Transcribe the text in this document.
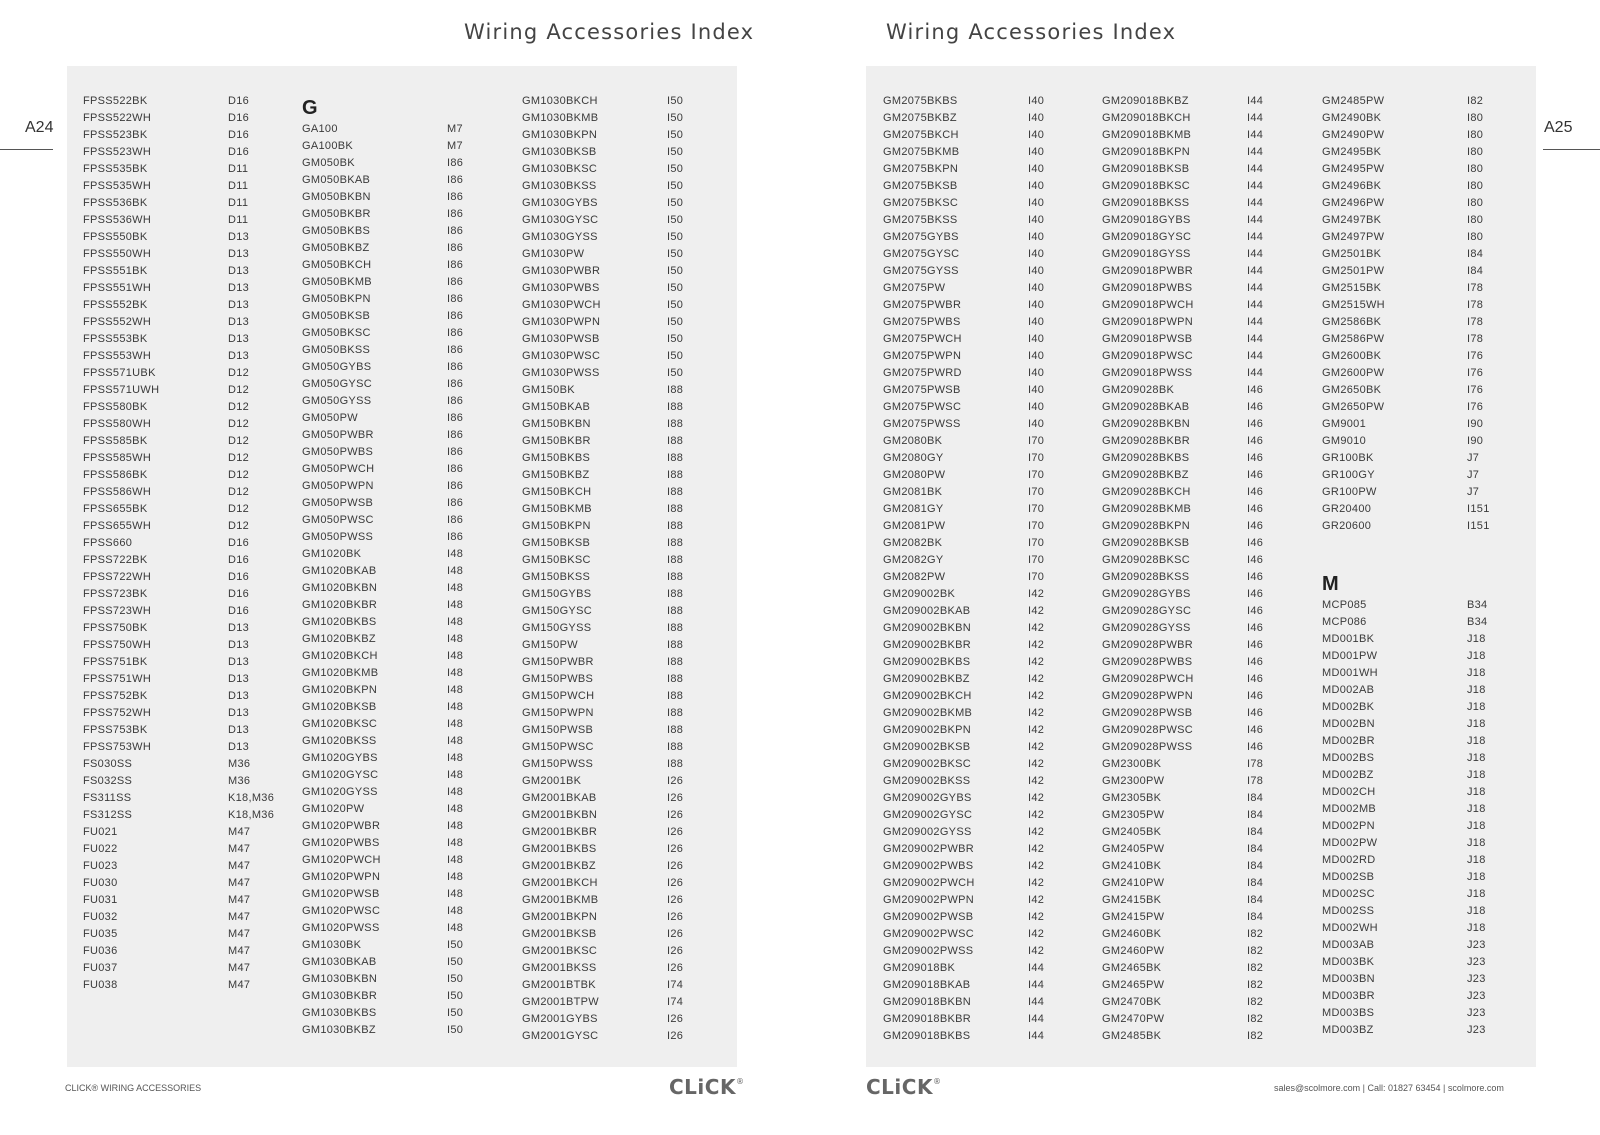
Wiring Accessories Index	Wiring Accessories Index
A24	A25
FPSS522BK	D16
FPSS522WH	D16
FPSS523BK	D16
FPSS523WH	D16
FPSS535BK	D11
FPSS535WH	D11
FPSS536BK	D11
FPSS536WH	D11
FPSS550BK	D13
FPSS550WH	D13
FPSS551BK	D13
FPSS551WH	D13
FPSS552BK	D13
FPSS552WH	D13
FPSS553BK	D13
FPSS553WH	D13
FPSS571UBK	D12
FPSS571UWH	D12
FPSS580BK	D12
FPSS580WH	D12
FPSS585BK	D12
FPSS585WH	D12
FPSS586BK	D12
FPSS586WH	D12
FPSS655BK	D12
FPSS655WH	D12
FPSS660	D16
FPSS722BK	D16
FPSS722WH	D16
FPSS723BK	D16
FPSS723WH	D16
FPSS750BK	D13
FPSS750WH	D13
FPSS751BK	D13
FPSS751WH	D13
FPSS752BK	D13
FPSS752WH	D13
FPSS753BK	D13
FPSS753WH	D13
FS030SS	M36
FS032SS	M36
FS311SS	K18,M36
FS312SS	K18,M36
FU021	M47
FU022	M47
FU023	M47
FU030	M47
FU031	M47
FU032	M47
FU035	M47
FU036	M47
FU037	M47
FU038	M47
G
GA100	M7
GA100BK	M7
GM050BK	I86
GM050BKAB	I86
GM050BKBN	I86
GM050BKBR	I86
GM050BKBS	I86
GM050BKBZ	I86
GM050BKCH	I86
GM050BKMB	I86
GM050BKPN	I86
GM050BKSB	I86
GM050BKSC	I86
GM050BKSS	I86
GM050GYBS	I86
GM050GYSC	I86
GM050GYSS	I86
GM050PW	I86
GM050PWBR	I86
GM050PWBS	I86
GM050PWCH	I86
GM050PWPN	I86
GM050PWSB	I86
GM050PWSC	I86
GM050PWSS	I86
GM1020BK	I48
GM1020BKAB	I48
GM1020BKBN	I48
GM1020BKBR	I48
GM1020BKBS	I48
GM1020BKBZ	I48
GM1020BKCH	I48
GM1020BKMB	I48
GM1020BKPN	I48
GM1020BKSB	I48
GM1020BKSC	I48
GM1020BKSS	I48
GM1020GYBS	I48
GM1020GYSC	I48
GM1020GYSS	I48
GM1020PW	I48
GM1020PWBR	I48
GM1020PWBS	I48
GM1020PWCH	I48
GM1020PWPN	I48
GM1020PWSB	I48
GM1020PWSC	I48
GM1020PWSS	I48
GM1030BK	I50
GM1030BKAB	I50
GM1030BKBN	I50
GM1030BKBR	I50
GM1030BKBS	I50
GM1030BKBZ	I50
GM1030BKCH	I50
GM1030BKMB	I50
GM1030BKPN	I50
GM1030BKSB	I50
GM1030BKSC	I50
GM1030BKSS	I50
GM1030GYBS	I50
GM1030GYSC	I50
GM1030GYSS	I50
GM1030PW	I50
GM1030PWBR	I50
GM1030PWBS	I50
GM1030PWCH	I50
GM1030PWPN	I50
GM1030PWSB	I50
GM1030PWSC	I50
GM1030PWSS	I50
GM150BK	I88
GM150BKAB	I88
GM150BKBN	I88
GM150BKBR	I88
GM150BKBS	I88
GM150BKBZ	I88
GM150BKCH	I88
GM150BKMB	I88
GM150BKPN	I88
GM150BKSB	I88
GM150BKSC	I88
GM150BKSS	I88
GM150GYBS	I88
GM150GYSC	I88
GM150GYSS	I88
GM150PW	I88
GM150PWBR	I88
GM150PWBS	I88
GM150PWCH	I88
GM150PWPN	I88
GM150PWSB	I88
GM150PWSC	I88
GM150PWSS	I88
GM2001BK	I26
GM2001BKAB	I26
GM2001BKBN	I26
GM2001BKBR	I26
GM2001BKBS	I26
GM2001BKBZ	I26
GM2001BKCH	I26
GM2001BKMB	I26
GM2001BKPN	I26
GM2001BKSB	I26
GM2001BKSC	I26
GM2001BKSS	I26
GM2001BTBK	I74
GM2001BTPW	I74
GM2001GYBS	I26
GM2001GYSC	I26
GM2075BKBS	I40
GM2075BKBZ	I40
GM2075BKCH	I40
GM2075BKMB	I40
GM2075BKPN	I40
GM2075BKSB	I40
GM2075BKSC	I40
GM2075BKSS	I40
GM2075GYBS	I40
GM2075GYSC	I40
GM2075GYSS	I40
GM2075PW	I40
GM2075PWBR	I40
GM2075PWBS	I40
GM2075PWCH	I40
GM2075PWPN	I40
GM2075PWRD	I40
GM2075PWSB	I40
GM2075PWSC	I40
GM2075PWSS	I40
GM2080BK	I70
GM2080GY	I70
GM2080PW	I70
GM2081BK	I70
GM2081GY	I70
GM2081PW	I70
GM2082BK	I70
GM2082GY	I70
GM2082PW	I70
GM209002BK	I42
GM209002BKAB	I42
GM209002BKBN	I42
GM209002BKBR	I42
GM209002BKBS	I42
GM209002BKBZ	I42
GM209002BKCH	I42
GM209002BKMB	I42
GM209002BKPN	I42
GM209002BKSB	I42
GM209002BKSC	I42
GM209002BKSS	I42
GM209002GYBS	I42
GM209002GYSC	I42
GM209002GYSS	I42
GM209002PWBR	I42
GM209002PWBS	I42
GM209002PWCH	I42
GM209002PWPN	I42
GM209002PWSB	I42
GM209002PWSC	I42
GM209002PWSS	I42
GM209018BK	I44
GM209018BKAB	I44
GM209018BKBN	I44
GM209018BKBR	I44
GM209018BKBS	I44
GM209018BKBZ	I44
GM209018BKCH	I44
GM209018BKMB	I44
GM209018BKPN	I44
GM209018BKSB	I44
GM209018BKSC	I44
GM209018BKSS	I44
GM209018GYBS	I44
GM209018GYSC	I44
GM209018GYSS	I44
GM209018PWBR	I44
GM209018PWBS	I44
GM209018PWCH	I44
GM209018PWPN	I44
GM209018PWSB	I44
GM209018PWSC	I44
GM209018PWSS	I44
GM209028BK	I46
GM209028BKAB	I46
GM209028BKBN	I46
GM209028BKBR	I46
GM209028BKBS	I46
GM209028BKBZ	I46
GM209028BKCH	I46
GM209028BKMB	I46
GM209028BKPN	I46
GM209028BKSB	I46
GM209028BKSC	I46
GM209028BKSS	I46
GM209028GYBS	I46
GM209028GYSC	I46
GM209028GYSS	I46
GM209028PWBR	I46
GM209028PWBS	I46
GM209028PWCH	I46
GM209028PWPN	I46
GM209028PWSB	I46
GM209028PWSC	I46
GM209028PWSS	I46
GM2300BK	I78
GM2300PW	I78
GM2305BK	I84
GM2305PW	I84
GM2405BK	I84
GM2405PW	I84
GM2410BK	I84
GM2410PW	I84
GM2415BK	I84
GM2415PW	I84
GM2460BK	I82
GM2460PW	I82
GM2465BK	I82
GM2465PW	I82
GM2470BK	I82
GM2470PW	I82
GM2485BK	I82
GM2485PW	I82
GM2490BK	I80
GM2490PW	I80
GM2495BK	I80
GM2495PW	I80
GM2496BK	I80
GM2496PW	I80
GM2497BK	I80
GM2497PW	I80
GM2501BK	I84
GM2501PW	I84
GM2515BK	I78
GM2515WH	I78
GM2586BK	I78
GM2586PW	I78
GM2600BK	I76
GM2600PW	I76
GM2650BK	I76
GM2650PW	I76
GM9001	I90
GM9010	I90
GR100BK	J7
GR100GY	J7
GR100PW	J7
GR20400	I151
GR20600	I151
M
MCP085	B34
MCP086	B34
MD001BK	J18
MD001PW	J18
MD001WH	J18
MD002AB	J18
MD002BK	J18
MD002BN	J18
MD002BR	J18
MD002BS	J18
MD002BZ	J18
MD002CH	J18
MD002MB	J18
MD002PN	J18
MD002PW	J18
MD002RD	J18
MD002SB	J18
MD002SC	J18
MD002SS	J18
MD002WH	J18
MD003AB	J23
MD003BK	J23
MD003BN	J23
MD003BR	J23
MD003BS	J23
MD003BZ	J23
CLICK® WIRING ACCESSORIES	CLiCK®	CLiCK®
sales@scolmore.com | Call: 01827 63454 | scolmore.com
